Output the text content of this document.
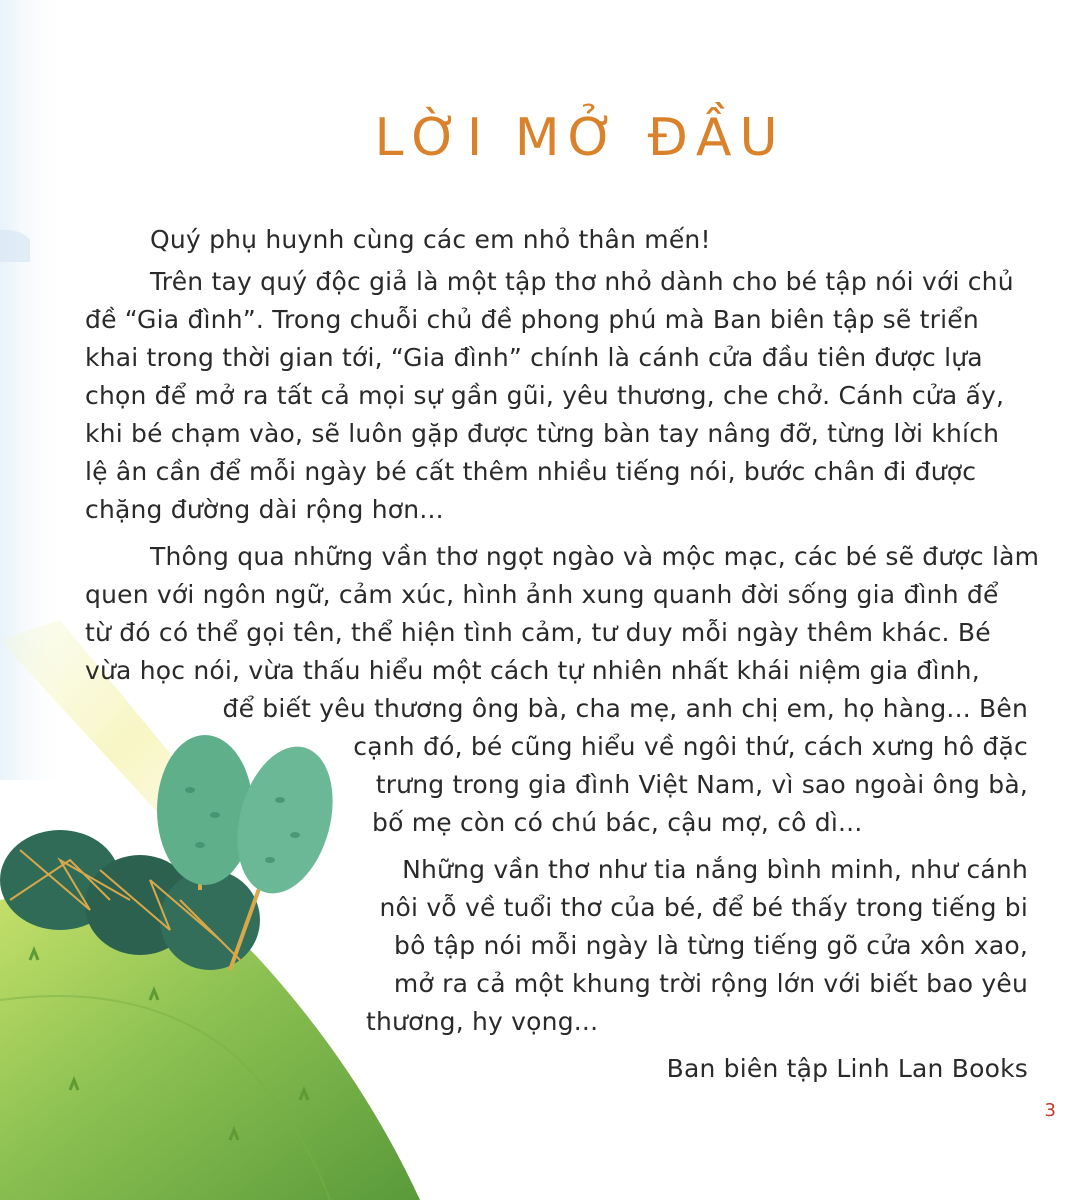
LỜI MỞ ĐẦU
Quý phụ huynh cùng các em nhỏ thân mến!
Trên tay quý độc giả là một tập thơ nhỏ dành cho bé tập nói với chủ
đề “Gia đình”. Trong chuỗi chủ đề phong phú mà Ban biên tập sẽ triển
khai trong thời gian tới, “Gia đình” chính là cánh cửa đầu tiên được lựa
chọn để mở ra tất cả mọi sự gần gũi, yêu thương, che chở. Cánh cửa ấy,
khi bé chạm vào, sẽ luôn gặp được từng bàn tay nâng đỡ, từng lời khích
lệ ân cần để mỗi ngày bé cất thêm nhiều tiếng nói, bước chân đi được
chặng đường dài rộng hơn...
Thông qua những vần thơ ngọt ngào và mộc mạc, các bé sẽ được làm
quen với ngôn ngữ, cảm xúc, hình ảnh xung quanh đời sống gia đình để
từ đó có thể gọi tên, thể hiện tình cảm, tư duy mỗi ngày thêm khác. Bé
vừa học nói, vừa thấu hiểu một cách tự nhiên nhất khái niệm gia đình,
để biết yêu thương ông bà, cha mẹ, anh chị em, họ hàng... Bên
cạnh đó, bé cũng hiểu về ngôi thứ, cách xưng hô đặc
trưng trong gia đình Việt Nam, vì sao ngoài ông bà,
bố mẹ còn có chú bác, cậu mợ, cô dì...
Những vần thơ như tia nắng bình minh, như cánh
nôi vỗ về tuổi thơ của bé, để bé thấy trong tiếng bi
bô tập nói mỗi ngày là từng tiếng gõ cửa xôn xao,
mở ra cả một khung trời rộng lớn với biết bao yêu
thương, hy vọng...
Ban biên tập Linh Lan Books
3
